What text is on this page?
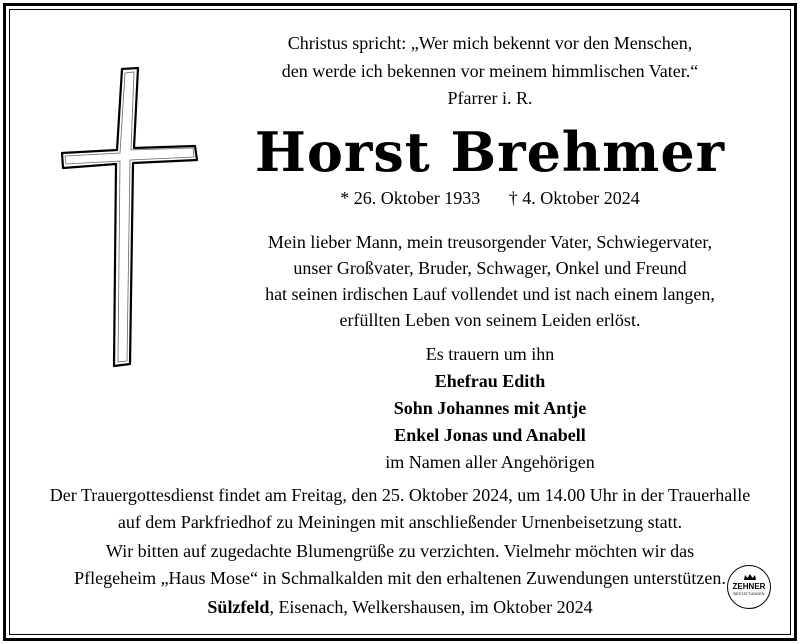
Christus spricht: „Wer mich bekennt vor den Menschen,
den werde ich bekennen vor meinem himmlischen Vater.“
Pfarrer i. R.
Horst Brehmer
* 26. Oktober 1933 † 4. Oktober 2024
Mein lieber Mann, mein treusorgender Vater, Schwiegervater,
unser Großvater, Bruder, Schwager, Onkel und Freund
hat seinen irdischen Lauf vollendet und ist nach einem langen,
erfüllten Leben von seinem Leiden erlöst.
Es trauern um ihn
Ehefrau Edith
Sohn Johannes mit Antje
Enkel Jonas und Anabell
im Namen aller Angehörigen
Der Trauergottesdienst findet am Freitag, den 25. Oktober 2024, um 14.00 Uhr in der Trauerhalle
auf dem Parkfriedhof zu Meiningen mit anschließender Urnenbeisetzung statt.
Wir bitten auf zugedachte Blumengrüße zu verzichten. Vielmehr möchten wir das
Pflegeheim „Haus Mose“ in Schmalkalden mit den erhaltenen Zuwendungen unterstützen.
Sülzfeld, Eisenach, Welkershausen, im Oktober 2024
ZEHNER
BESTATTUNGEN
